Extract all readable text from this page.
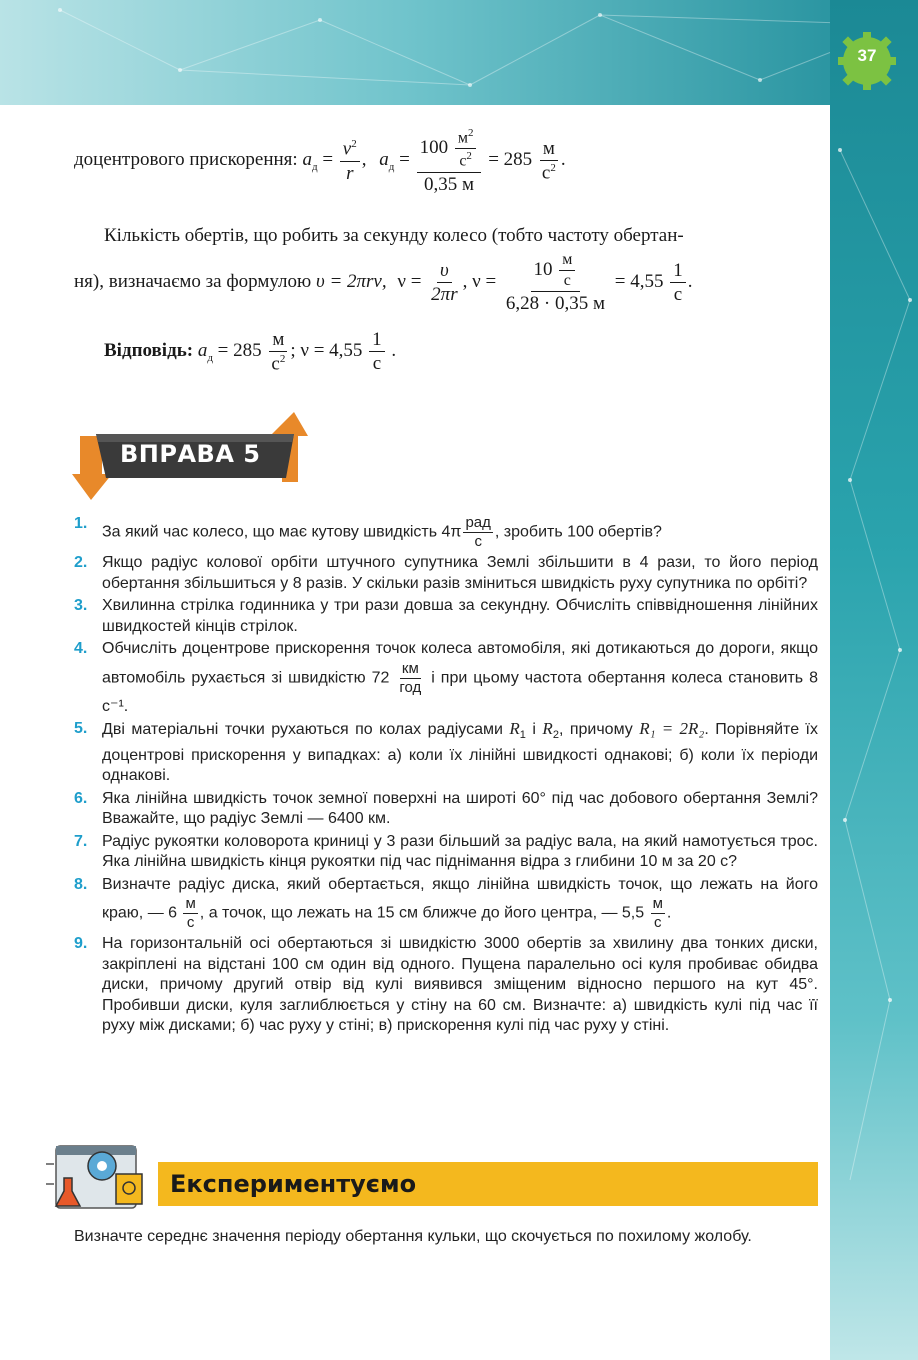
37
доцентрового прискорення: $a_д = \frac{v^2}{r}$ , $a_д = \frac{100 \frac{м^2}{с^2}}{0,35 м} = 285 \frac{м}{с^2}$ .
Кількість обертів, що робить за секунду колесо (тобто частоту обертан-
ня), визначаємо за формулою υ = 2πrν, $\nu = \frac{\upsilon}{2\pi r}$ , $\nu = \frac{10 \frac{м}{с}}{6,28 \cdot 0,35 м} = 4,55 \frac{1}{с}$ .
Відповідь: $a_д = 285 \frac{м}{с^2}$ ; $\nu = 4,55 \frac{1}{с}$ .
ВПРАВА 5
1.
За який час колесо, що має кутову швидкість $4\pi \frac{\text{рад}}{с}$ , зробить 100 обертів?
2. Якщо радіус колової орбіти штучного супутника Землі збільшити в 4 рази, то його період обертання збільшиться у 8 разів. У скільки разів зміниться швидкість руху супутника по орбіті?
3. Хвилинна стрілка годинника у три рази довша за секундну. Обчисліть співвідношення лінійних швидкостей кінців стрілок.
4. Обчисліть доцентрове прискорення точок колеса автомобіля, які дотикаються до дороги, якщо автомобіль рухається зі швидкістю $72 \frac{км}{\text{год}}$ і при цьому частота обертання колеса становить 8 с⁻¹.
5. Дві матеріальні точки рухаються по колах радіусами $R_1$ і $R_2$, причому R₁ = 2R₂. Порівняйте їх доцентрові прискорення у випадках: а) коли їх лінійні швидкості однакові; б) коли їх періоди однакові.
6. Яка лінійна швидкість точок земної поверхні на широті 60° під час добового обертання Землі? Вважайте, що радіус Землі — 6400 км.
7. Радіус рукоятки коловорота криниці у 3 рази більший за радіус вала, на який намотується трос. Яка лінійна швидкість кінця рукоятки під час піднімання відра з глибини 10 м за 20 с?
8. Визначте радіус диска, який обертається, якщо лінійна швидкість точок, що лежать на його краю, — $6 \frac{м}{с}$ , а точок, що лежать на 15 см ближче до його центра, — $5,5 \frac{м}{с}$ .
9. На горизонтальній осі обертаються зі швидкістю 3000 обертів за хвилину два тонких диски, закріплені на відстані 100 см один від одного. Пущена паралельно осі куля пробиває обидва диски, причому другий отвір від кулі виявився зміщеним відносно першого на кут 45°. Пробивши диски, куля заглиблюється у стіну на 60 см. Визначте: а) швидкість кулі під час її руху між дисками; б) час руху у стіні; в) прискорення кулі під час руху у стіні.
Експериментуємо
Визначте середнє значення періоду обертання кульки, що скочується по похилому жолобу.
